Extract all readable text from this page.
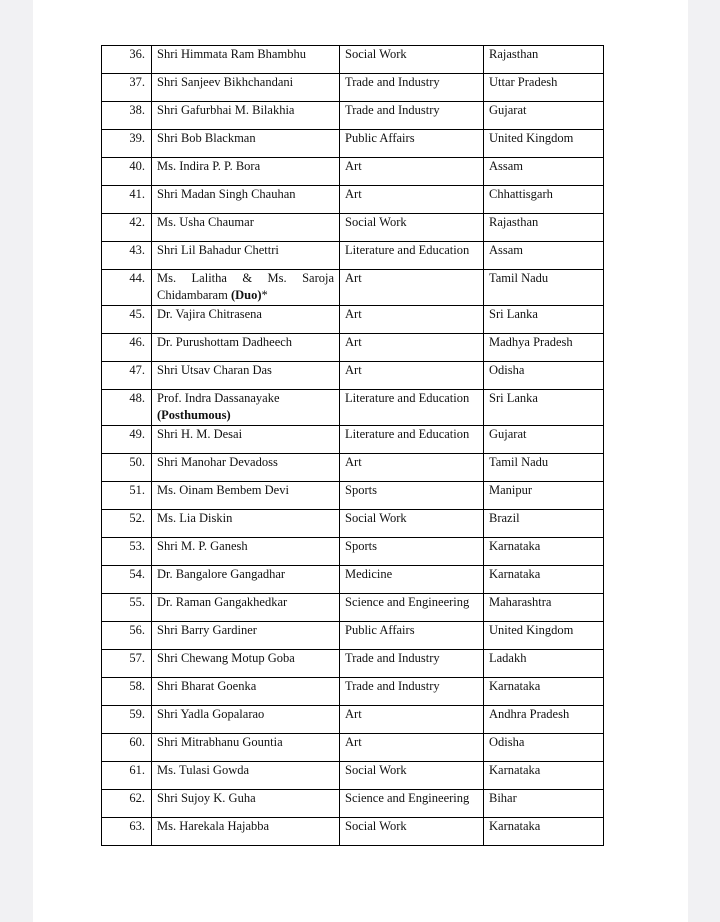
36.	Shri Himmata Ram Bhambhu	Social Work	Rajasthan
37.	Shri Sanjeev Bikhchandani	Trade and Industry	Uttar Pradesh
38.	Shri Gafurbhai M. Bilakhia	Trade and Industry	Gujarat
39.	Shri Bob Blackman	Public Affairs	United Kingdom
40.	Ms. Indira P. P. Bora	Art	Assam
41.	Shri Madan Singh Chauhan	Art	Chhattisgarh
42.	Ms. Usha Chaumar	Social Work	Rajasthan
43.	Shri Lil Bahadur Chettri	Literature and Education	Assam
44.	Ms. Lalitha & Ms. Saroja
Chidambaram (Duo)*	Art	Tamil Nadu
45.	Dr. Vajira Chitrasena	Art	Sri Lanka
46.	Dr. Purushottam Dadheech	Art	Madhya Pradesh
47.	Shri Utsav Charan Das	Art	Odisha
48.	Prof. Indra Dassanayake
(Posthumous)	Literature and Education	Sri Lanka
49.	Shri H. M. Desai	Literature and Education	Gujarat
50.	Shri Manohar Devadoss	Art	Tamil Nadu
51.	Ms. Oinam Bembem Devi	Sports	Manipur
52.	Ms. Lia Diskin	Social Work	Brazil
53.	Shri M. P. Ganesh	Sports	Karnataka
54.	Dr. Bangalore Gangadhar	Medicine	Karnataka
55.	Dr. Raman Gangakhedkar	Science and Engineering	Maharashtra
56.	Shri Barry Gardiner	Public Affairs	United Kingdom
57.	Shri Chewang Motup Goba	Trade and Industry	Ladakh
58.	Shri Bharat Goenka	Trade and Industry	Karnataka
59.	Shri Yadla Gopalarao	Art	Andhra Pradesh
60.	Shri Mitrabhanu Gountia	Art	Odisha
61.	Ms. Tulasi Gowda	Social Work	Karnataka
62.	Shri Sujoy K. Guha	Science and Engineering	Bihar
63.	Ms. Harekala Hajabba	Social Work	Karnataka
